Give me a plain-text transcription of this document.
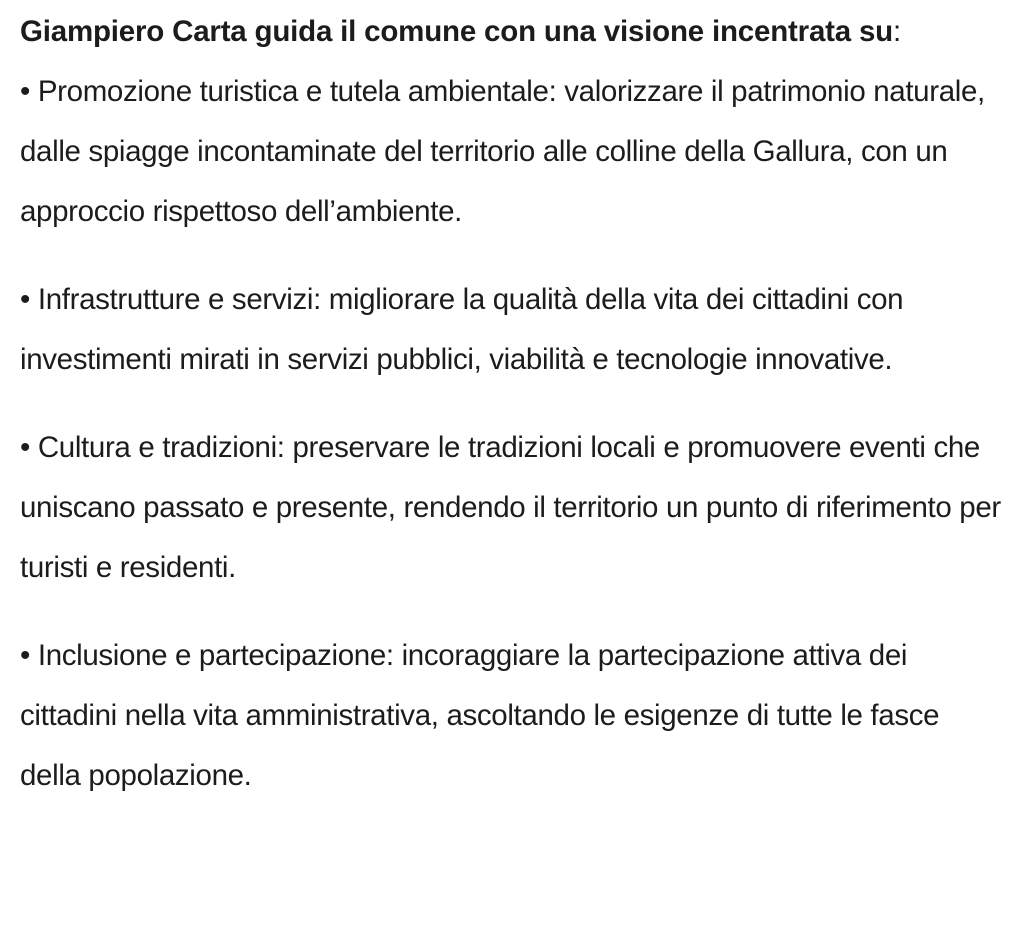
Giampiero Carta guida il comune con una visione incentrata su:

• Promozione turistica e tutela ambientale: valorizzare il patrimonio naturale, dalle spiagge incontaminate del territorio alle colline della Gallura, con un approccio rispettoso dell’ambiente.
• Infrastrutture e servizi: migliorare la qualità della vita dei cittadini con investimenti mirati in servizi pubblici, viabilità e tecnologie innovative.
• Cultura e tradizioni: preservare le tradizioni locali e promuovere eventi che uniscano passato e presente, rendendo il territorio un punto di riferimento per turisti e residenti.
• Inclusione e partecipazione: incoraggiare la partecipazione attiva dei cittadini nella vita amministrativa, ascoltando le esigenze di tutte le fasce della popolazione.
